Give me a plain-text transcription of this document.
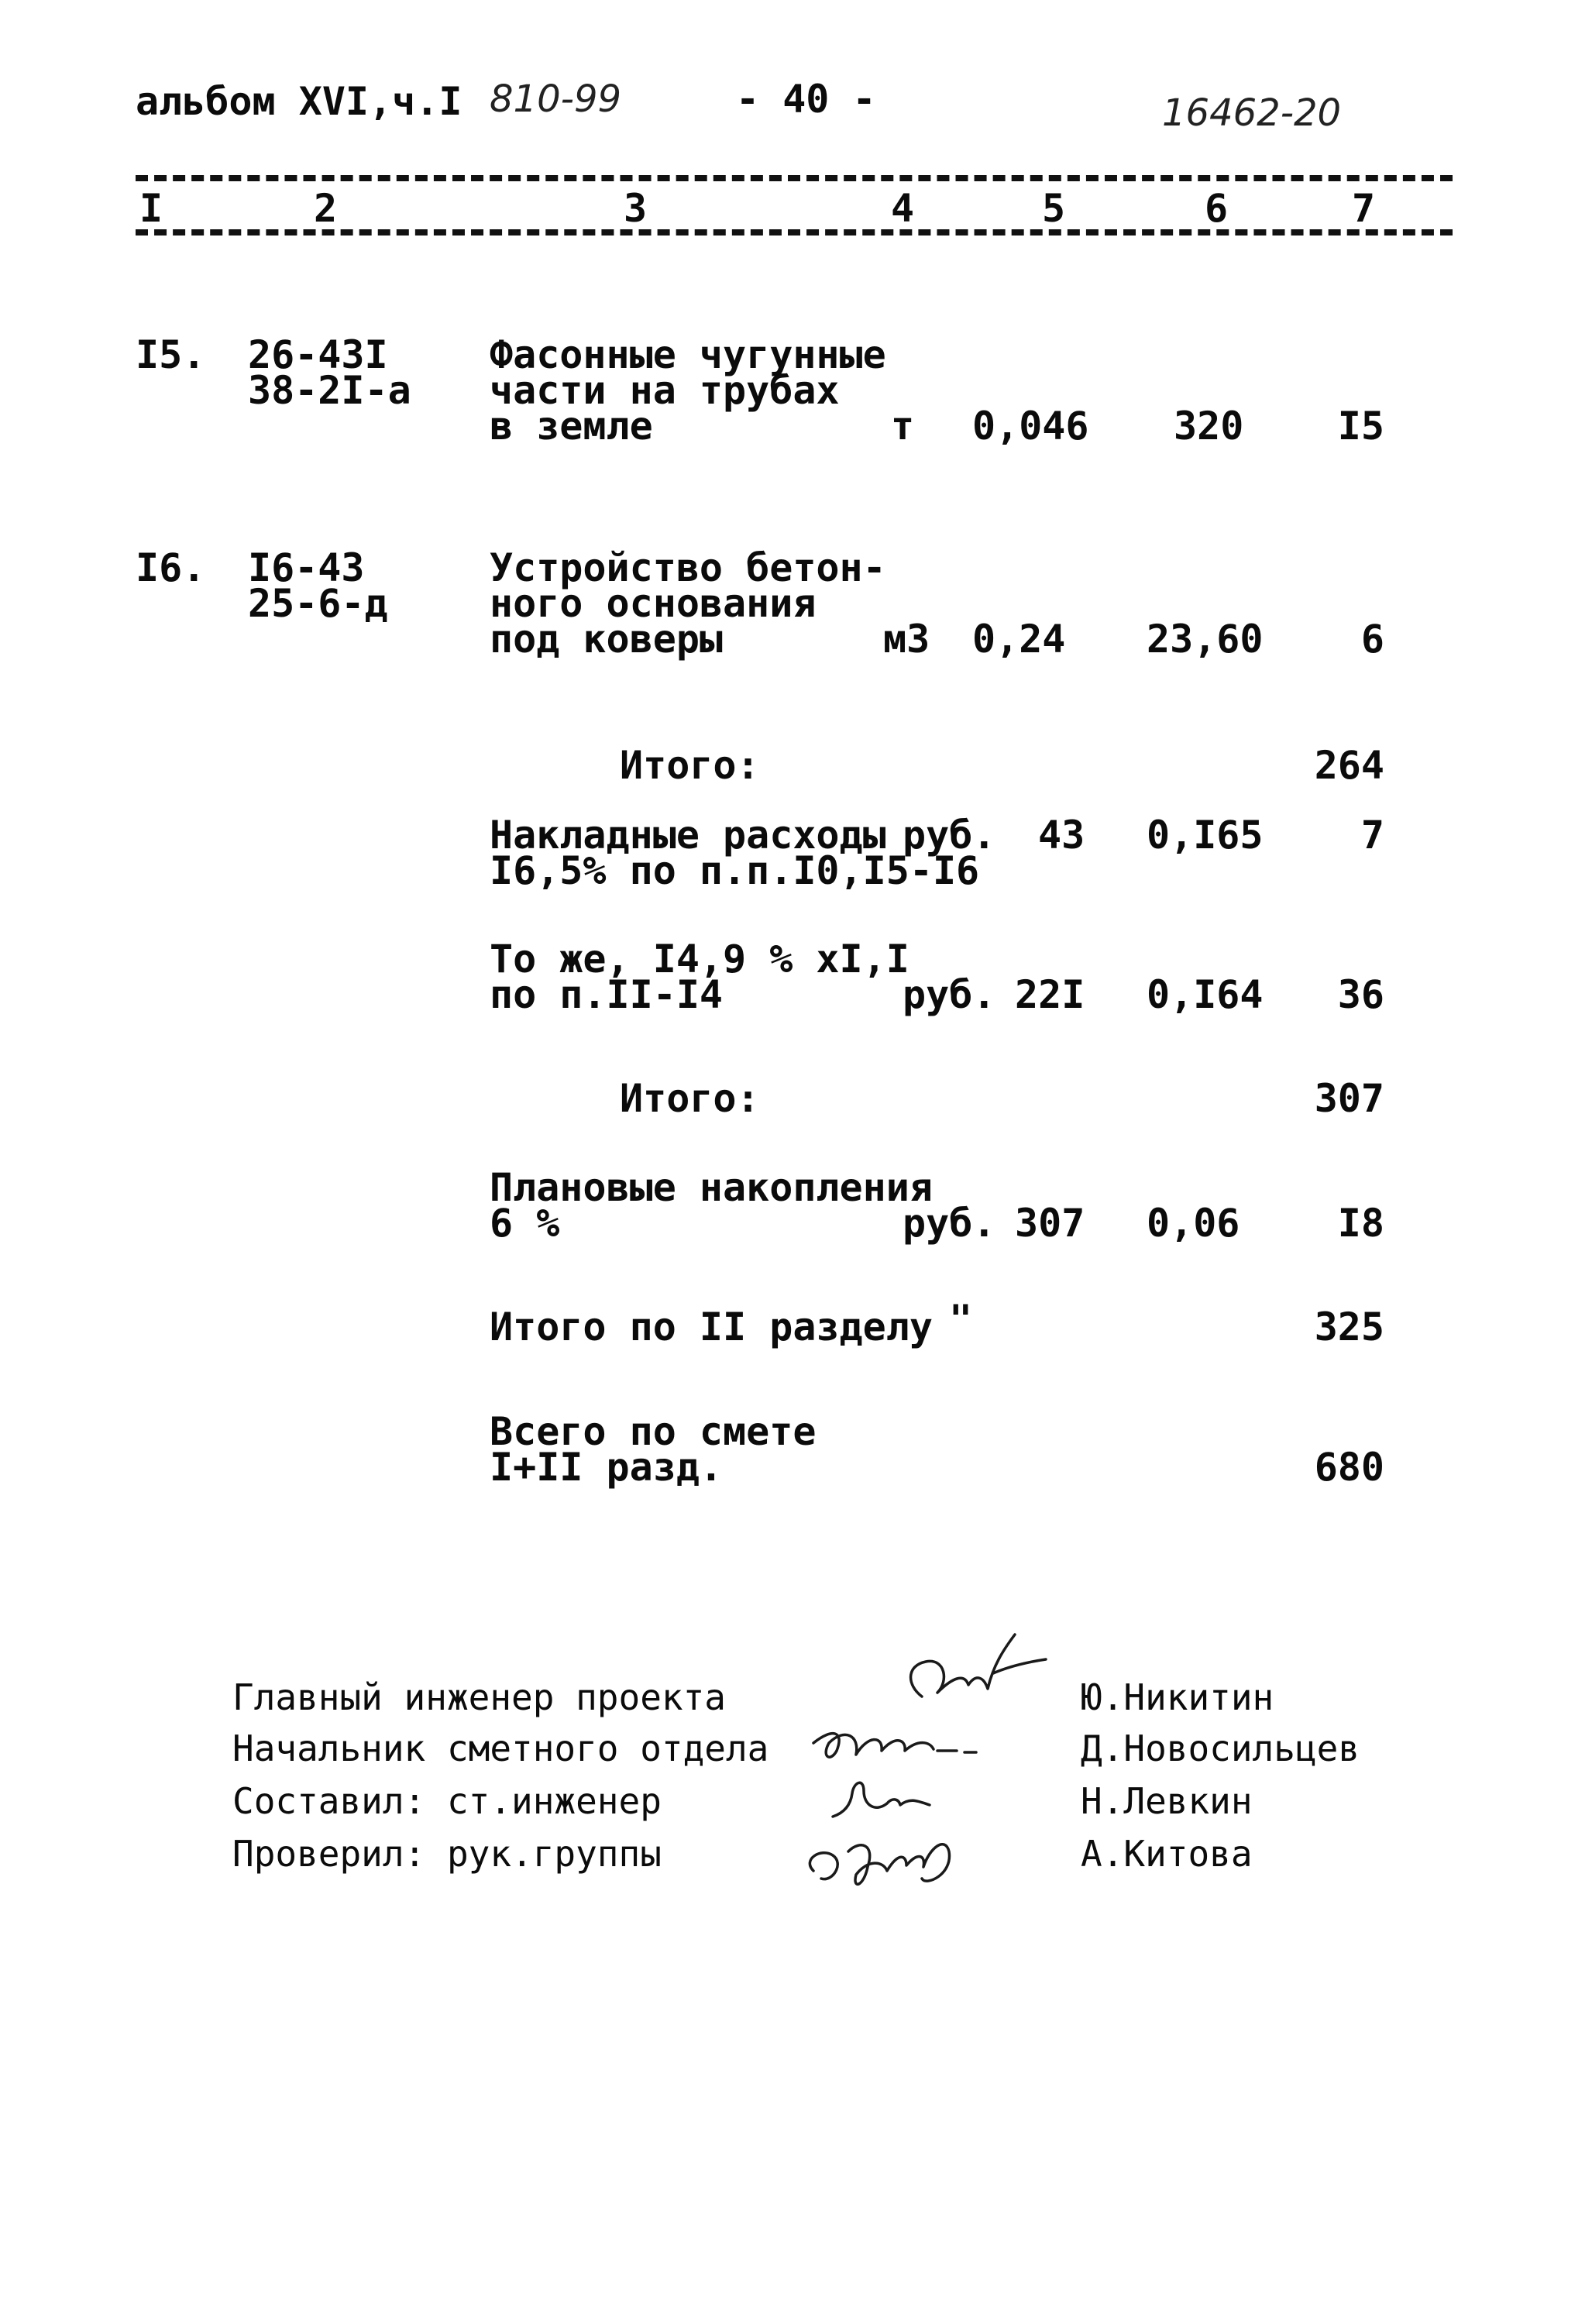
альбом XVI,ч.I 810-99	- 40 -	16462-20
I	2	3	4	5	6	7
I5. 26-43I
38-2I-а
Фасонные чугунные
части на трубах
в земле	т 0,046 320 I5
I6. I6-43
25-6-д
Устройство бетон-
ного основания
под коверы	м3 0,24 23,60	6
Итого:	264
Накладные расходы
I6,5% по п.п.I0,I5-I6
руб. 43 0,I65	7
То же, I4,9 % xI,I
по п.II-I4	руб. 22I 0,I64 36
Итого:	307
Плановые накопления
6 %	руб. 307 0,06	I8
Итого по II разделу "	325
Всего по смете
I+II разд.	680
Главный инженер проекта	Ю.Никитин
Начальник сметного отдела	Д.Новосильцев
Составил: ст.инженер	Н.Левкин
Проверил: рук.группы	А.Китова
